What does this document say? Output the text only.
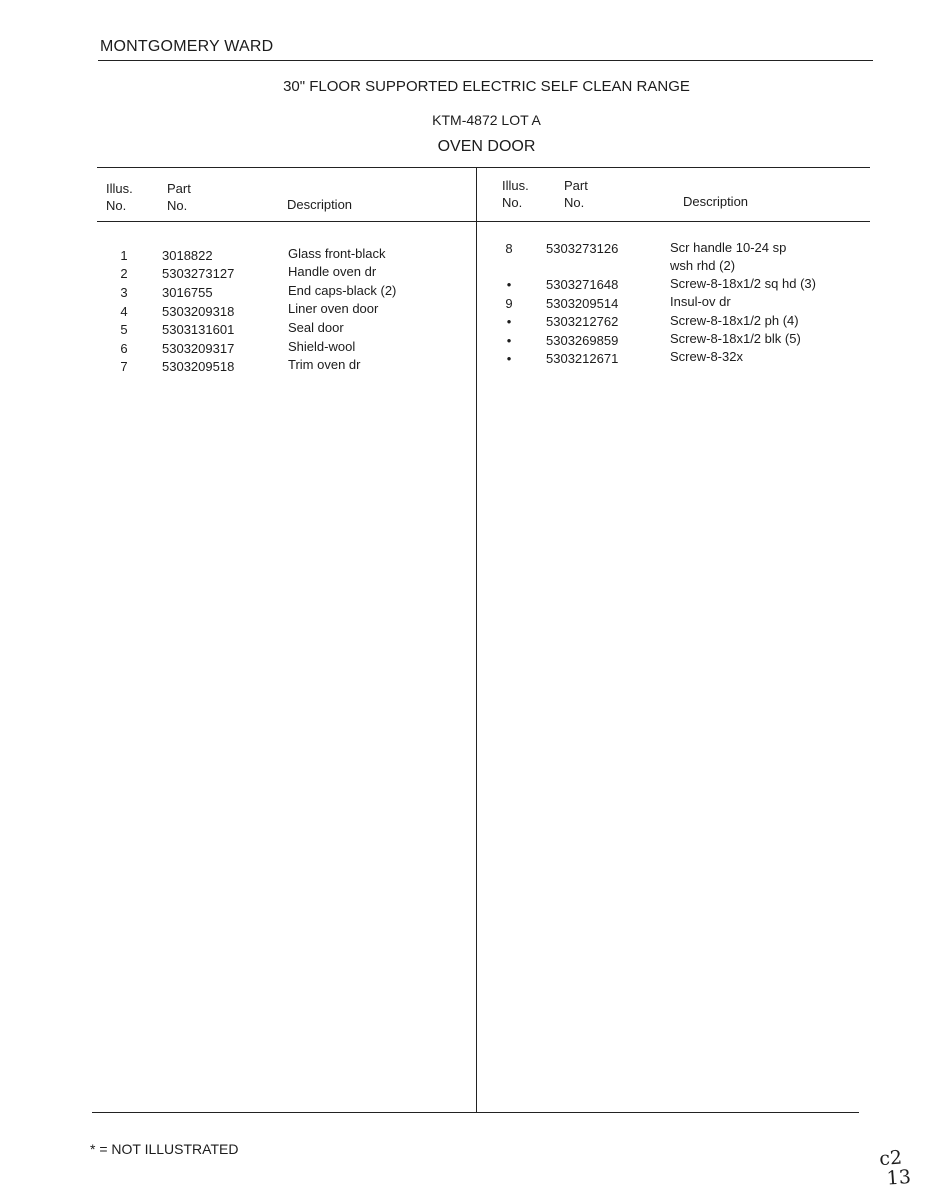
MONTGOMERY WARD
30" FLOOR SUPPORTED ELECTRIC SELF CLEAN RANGE
KTM-4872 LOT A
OVEN DOOR
Illus.
No.
Part
No.	Description
Illus.
No.
Part
No.	Description
1	3018822	Glass front-black
2	5303273127	Handle oven dr
3	3016755	End caps-black (2)
4	5303209318	Liner oven door
5	5303131601	Seal door
6	5303209317	Shield-wool
7	5303209518	Trim oven dr
8	5303273126	Scr handle 10-24 sp
wsh rhd (2)
•	5303271648	Screw-8-18x1/2 sq hd (3)
9	5303209514	Insul-ov dr
•	5303212762	Screw-8-18x1/2 ph (4)
•	5303269859	Screw-8-18x1/2 blk (5)
•	5303212671	Screw-8-32x
* = NOT ILLUSTRATED	c2
13
